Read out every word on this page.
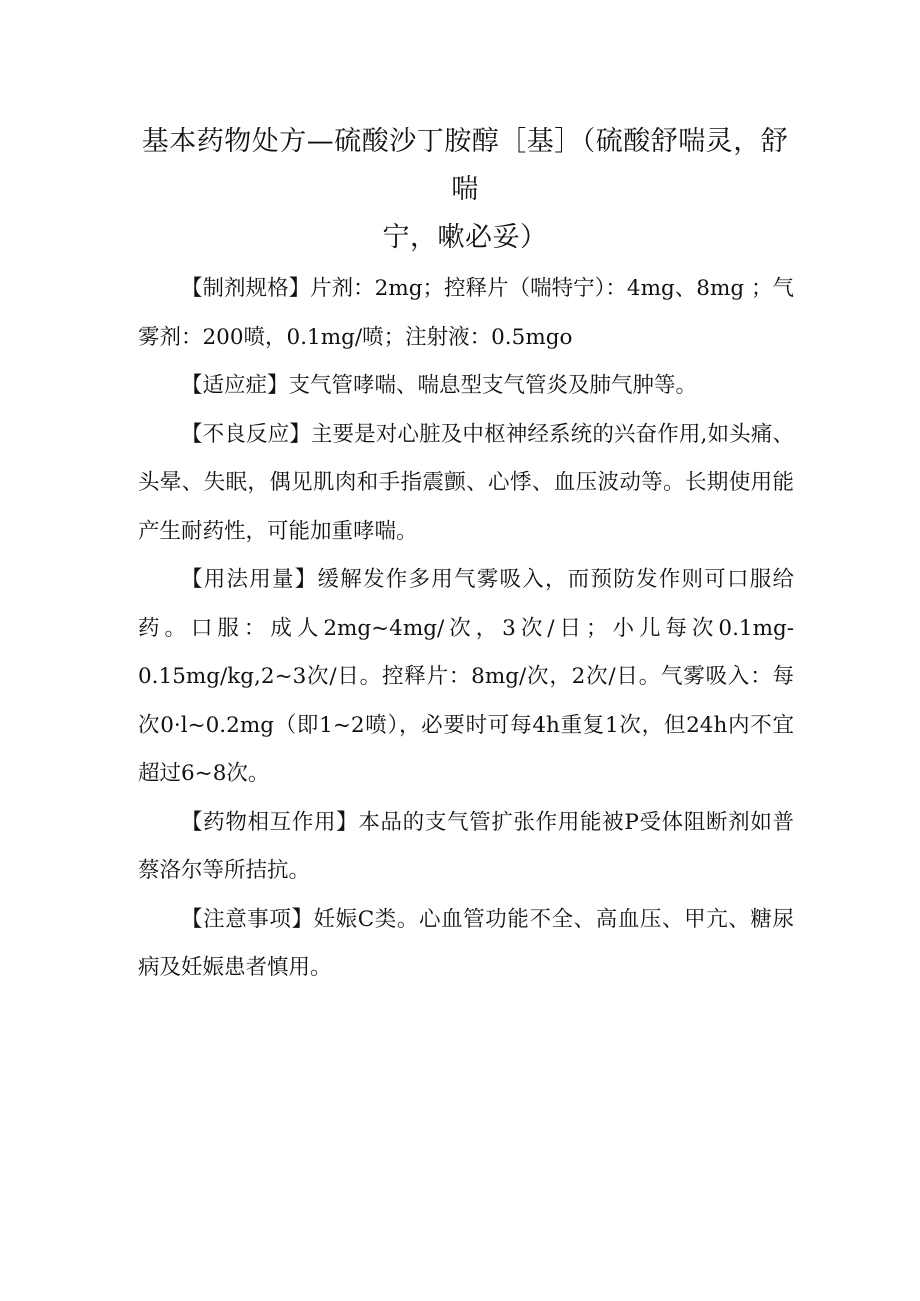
基本药物处方—硫酸沙丁胺醇［基］（硫酸舒喘灵，舒
喘
宁，嗽必妥）

【制剂规格】片剂：2mg；控释片（喘特宁）：4mg、8mg ；气雾剂：200喷，0.1mg/喷；注射液：0.5mgo

【适应症】支气管哮喘、喘息型支气管炎及肺气肿等。

【不良反应】主要是对心脏及中枢神经系统的兴奋作用,如头痛、头晕、失眠，偶见肌肉和手指震颤、心悸、血压波动等。长期使用能产生耐药性，可能加重哮喘。

【用法用量】缓解发作多用气雾吸入，而预防发作则可口服给药。口服：成人2mg~4mg/次，3次/日；小儿每次0.1mg-0.15mg/kg,2~3次/日。控释片：8mg/次，2次/日。气雾吸入：每次0·l~0.2mg（即1~2喷），必要时可每4h重复1次，但24h内不宜超过6~8次。

【药物相互作用】本品的支气管扩张作用能被P受体阻断剂如普蔡洛尔等所拮抗。

【注意事项】妊娠C类。心血管功能不全、高血压、甲亢、糖尿病及妊娠患者慎用。
